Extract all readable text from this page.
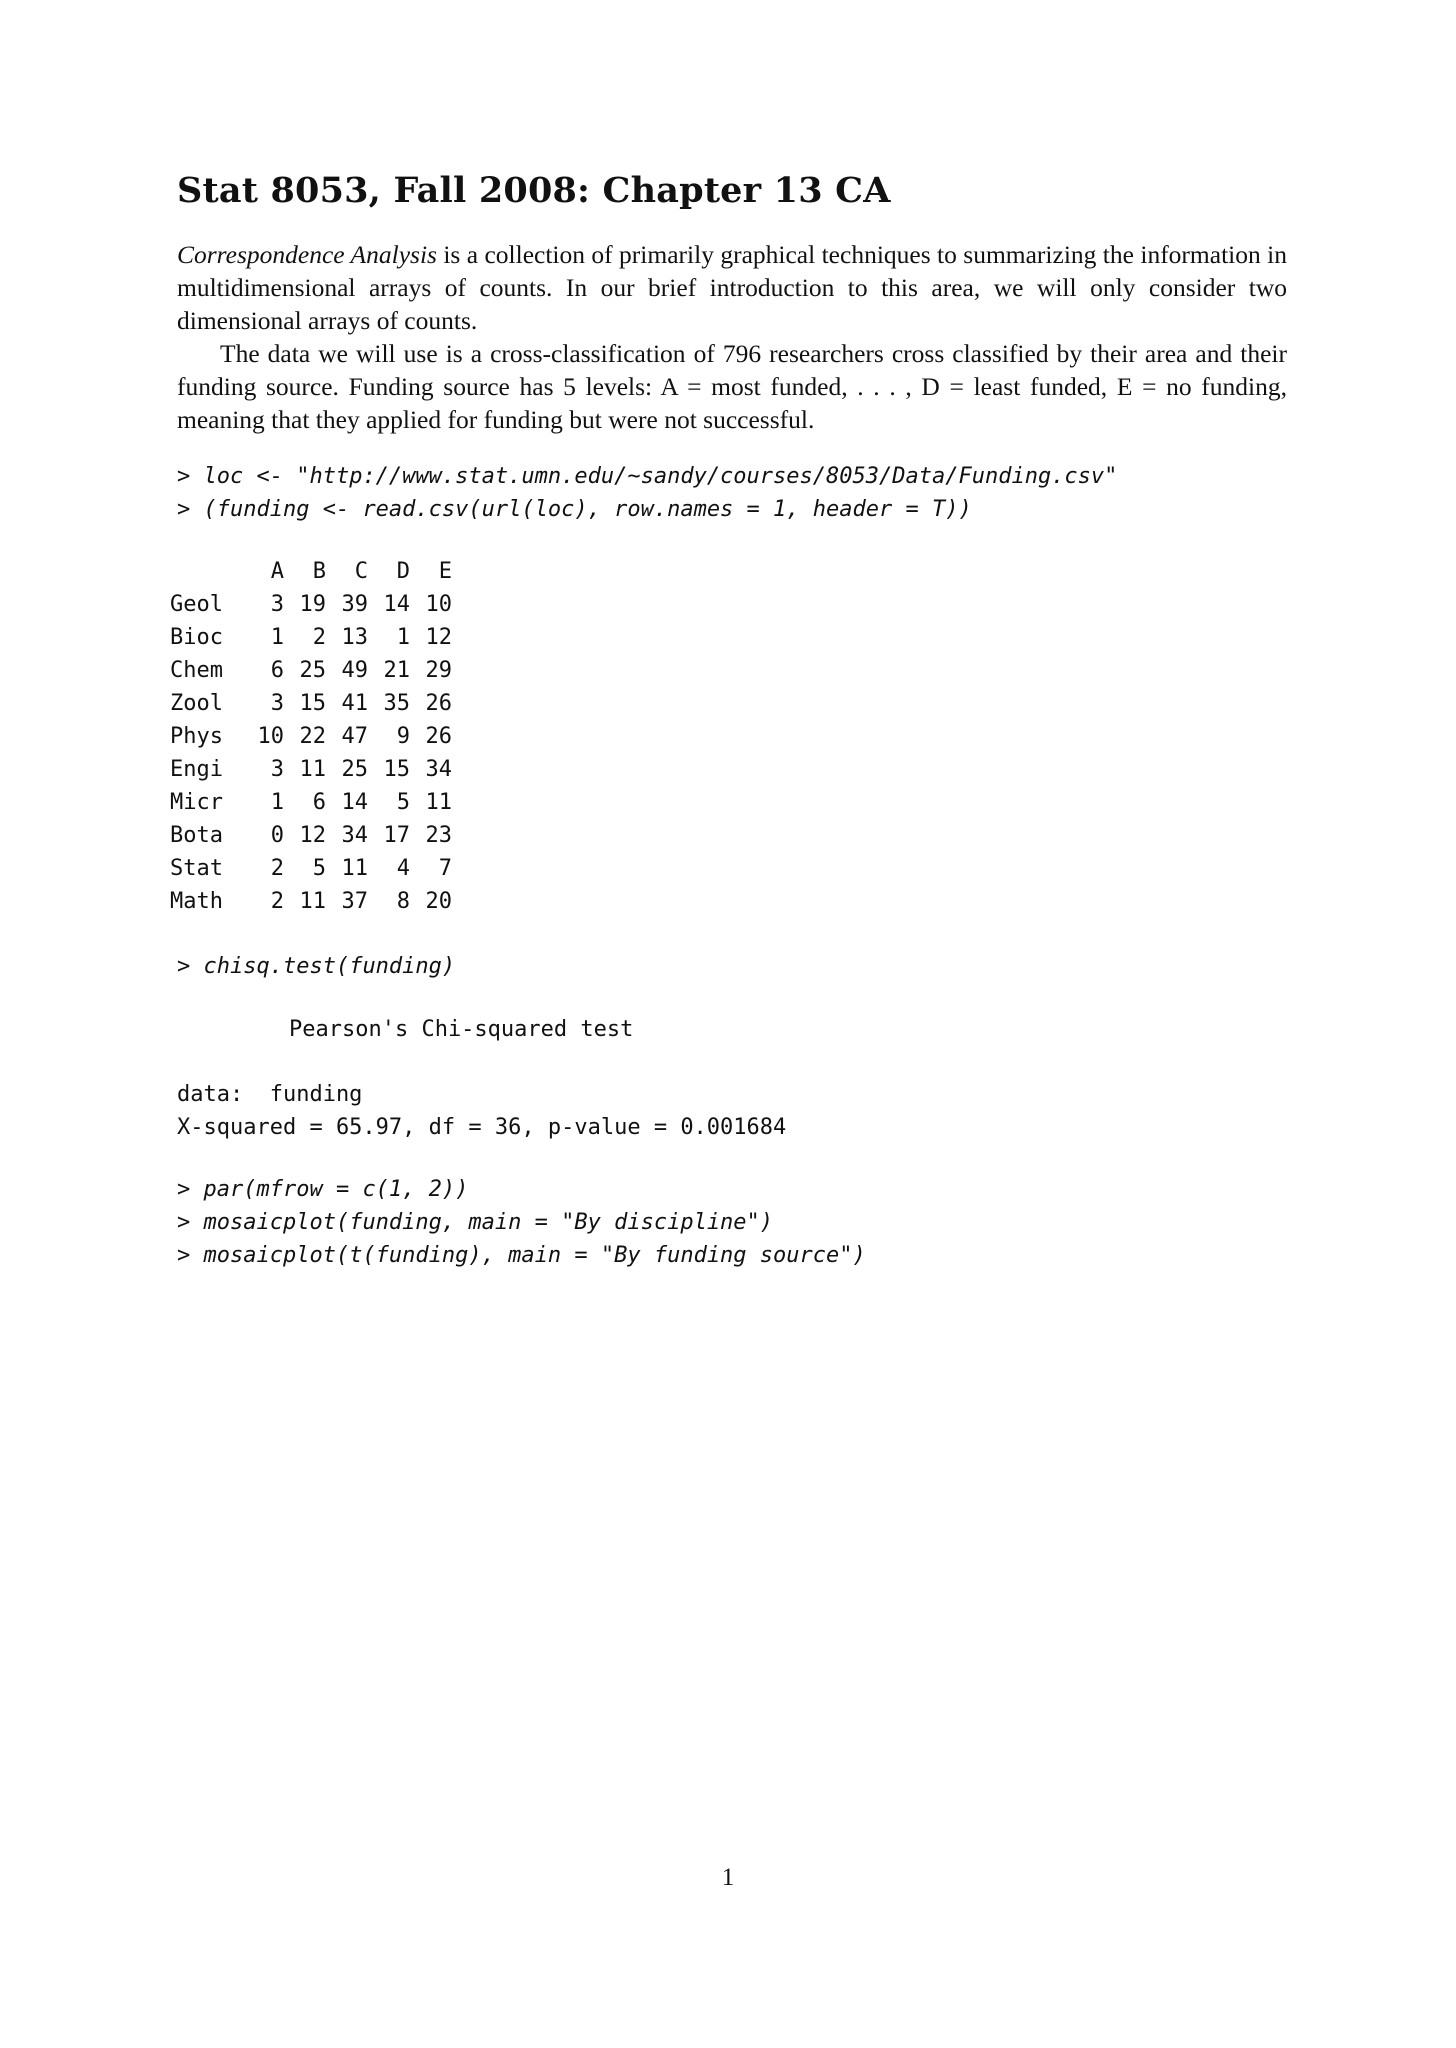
Stat 8053, Fall 2008: Chapter 13 CA
Correspondence Analysis is a collection of primarily graphical techniques to summarizing the information in multidimensional arrays of counts. In our brief introduction to this area, we will only consider two dimensional arrays of counts.
The data we will use is a cross-classification of 796 researchers cross classified by their area and their funding source. Funding source has 5 levels: A = most funded, . . . , D = least funded, E = no funding, meaning that they applied for funding but were not successful.
> loc <- "http://www.stat.umn.edu/~sandy/courses/8053/Data/Funding.csv"
> (funding <- read.csv(url(loc), row.names = 1, header = T))
	A	B	C	D	E
Geol	3	19	39	14	10
Bioc	1	2	13	1	12
Chem	6	25	49	21	29
Zool	3	15	41	35	26
Phys	10	22	47	9	26
Engi	3	11	25	15	34
Micr	1	6	14	5	11
Bota	0	12	34	17	23
Stat	2	5	11	4	7
Math	2	11	37	8	20
> chisq.test(funding)
Pearson's Chi-squared test
data:  funding
X-squared = 65.97, df = 36, p-value = 0.001684
> par(mfrow = c(1, 2))
> mosaicplot(funding, main = "By discipline")
> mosaicplot(t(funding), main = "By funding source")
1
